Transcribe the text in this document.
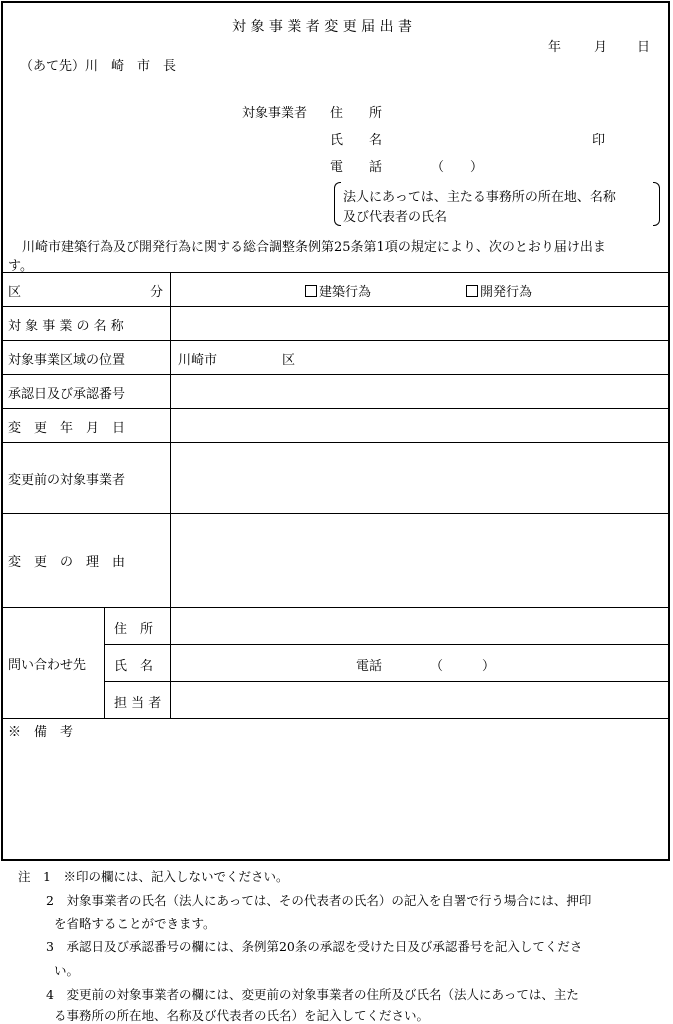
対 象 事 業 者 変 更 届 出 書
年	月 日
（あて先）川　崎　市　長
対象事業者 住　　所
氏　　名	印
電　　話	（　　）
法人にあっては、主たる事務所の所在地、名称
及び代表者の氏名
川崎市建築行為及び開発行為に関する総合調整条例第25条第1項の規定により、次のとおり届け出ま
す。
区	分	建築行為	開発行為
対 象 事 業 の 名 称
対象事業区域の位置	川崎市	区
承認日及び承認番号
変　更　年　月　日
変更前の対象事業者
変　更　の　理　由
問い合わせ先
住　所
氏　名	電話	（　　　）
担 当 者
※　備　考
注　1　※印の欄には、記入しないでください。
2　対象事業者の氏名（法人にあっては、その代表者の氏名）の記入を自署で行う場合には、押印
を省略することができます。
3　承認日及び承認番号の欄には、条例第20条の承認を受けた日及び承認番号を記入してくださ
い。
4　変更前の対象事業者の欄には、変更前の対象事業者の住所及び氏名（法人にあっては、主た
る事務所の所在地、名称及び代表者の氏名）を記入してください。
